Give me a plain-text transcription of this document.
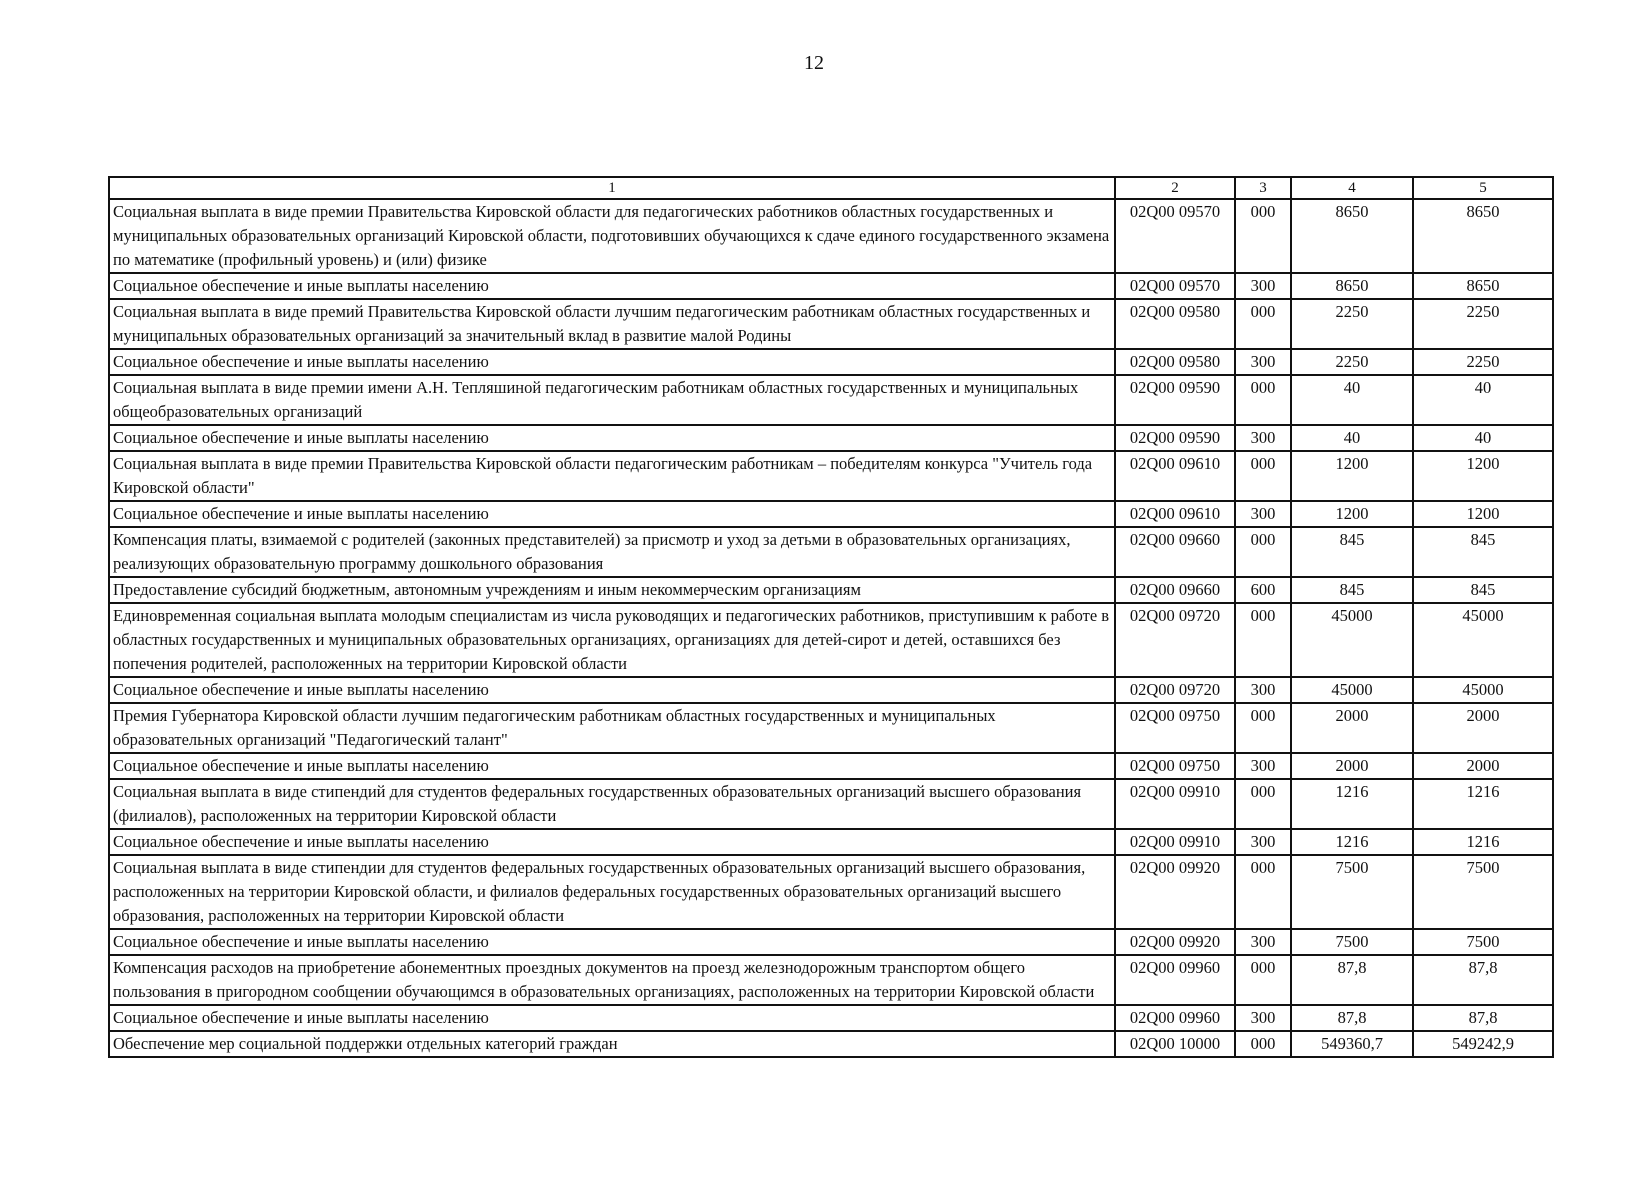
12
1	2	3	4	5
Социальная выплата в виде премии Правительства Кировской области для педагогических работников областных государственных и муниципальных образовательных организаций Кировской области, подготовивших обучающихся к сдаче единого государственного экзамена по математике (профильный уровень) и (или) физике	02Q00 09570	000	8650	8650
Социальное обеспечение и иные выплаты населению	02Q00 09570	300	8650	8650
Социальная выплата в виде премий Правительства Кировской области лучшим педагогическим работникам областных государственных и муниципальных образовательных организаций за значительный вклад в развитие малой Родины	02Q00 09580	000	2250	2250
Социальное обеспечение и иные выплаты населению	02Q00 09580	300	2250	2250
Социальная выплата в виде премии имени А.Н. Тепляшиной педагогическим работникам областных государственных и муниципальных общеобразовательных организаций	02Q00 09590	000	40	40
Социальное обеспечение и иные выплаты населению	02Q00 09590	300	40	40
Социальная выплата в виде премии Правительства Кировской области педагогическим работникам – победителям конкурса "Учитель года Кировской области"	02Q00 09610	000	1200	1200
Социальное обеспечение и иные выплаты населению	02Q00 09610	300	1200	1200
Компенсация платы, взимаемой с родителей (законных представителей) за присмотр и уход за детьми в образовательных организациях, реализующих образовательную программу дошкольного образования	02Q00 09660	000	845	845
Предоставление субсидий бюджетным, автономным учреждениям и иным некоммерческим организациям	02Q00 09660	600	845	845
Единовременная социальная выплата молодым специалистам из числа руководящих и педагогических работников, приступившим к работе в областных государственных и муниципальных образовательных организациях, организациях для детей-сирот и детей, оставшихся без попечения родителей, расположенных на территории Кировской области	02Q00 09720	000	45000	45000
Социальное обеспечение и иные выплаты населению	02Q00 09720	300	45000	45000
Премия Губернатора Кировской области лучшим педагогическим работникам областных государственных и муниципальных образовательных организаций "Педагогический талант"	02Q00 09750	000	2000	2000
Социальное обеспечение и иные выплаты населению	02Q00 09750	300	2000	2000
Социальная выплата в виде стипендий для студентов федеральных государственных образовательных организаций высшего образования (филиалов), расположенных на территории Кировской области	02Q00 09910	000	1216	1216
Социальное обеспечение и иные выплаты населению	02Q00 09910	300	1216	1216
Социальная выплата в виде стипендии для студентов федеральных государственных образовательных организаций высшего образования, расположенных на территории Кировской области, и филиалов федеральных государственных образовательных организаций высшего образования, расположенных на территории Кировской области	02Q00 09920	000	7500	7500
Социальное обеспечение и иные выплаты населению	02Q00 09920	300	7500	7500
Компенсация расходов на приобретение абонементных проездных документов на проезд железнодорожным транспортом общего пользования в пригородном сообщении обучающимся в образовательных организациях, расположенных на территории Кировской области	02Q00 09960	000	87,8	87,8
Социальное обеспечение и иные выплаты населению	02Q00 09960	300	87,8	87,8
Обеспечение мер социальной поддержки отдельных категорий граждан	02Q00 10000	000	549360,7	549242,9
